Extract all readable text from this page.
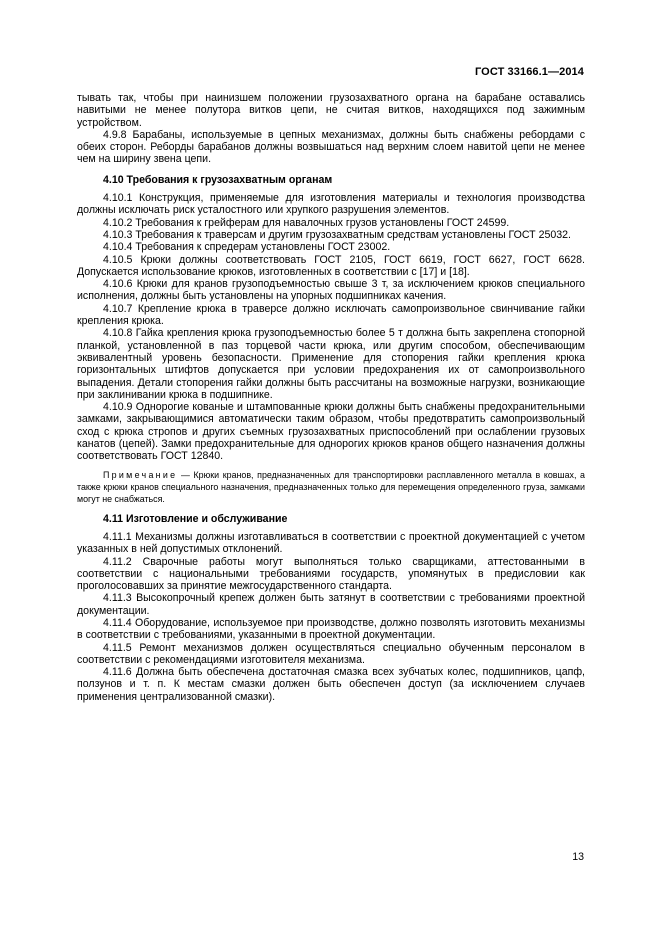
ГОСТ 33166.1—2014

тывать так, чтобы при наинизшем положении грузозахватного органа на барабане оставались навитыми не менее полутора витков цепи, не считая витков, находящихся под зажимным устройством.

4.9.8 Барабаны, используемые в цепных механизмах, должны быть снабжены ребордами с обеих сторон. Реборды барабанов должны возвышаться над верхним слоем навитой цепи не менее чем на ширину звена цепи.

4.10 Требования к грузозахватным органам

4.10.1 Конструкция, применяемые для изготовления материалы и технология производства должны исключать риск усталостного или хрупкого разрушения элементов.

4.10.2 Требования к грейферам для навалочных грузов установлены ГОСТ 24599.

4.10.3 Требования к траверсам и другим грузозахватным средствам установлены ГОСТ 25032.

4.10.4 Требования к спредерам установлены ГОСТ 23002.

4.10.5 Крюки должны соответствовать ГОСТ 2105, ГОСТ 6619, ГОСТ 6627, ГОСТ 6628. Допускается использование крюков, изготовленных в соответствии с [17] и [18].

4.10.6 Крюки для кранов грузоподъемностью свыше 3 т, за исключением крюков специального исполнения, должны быть установлены на упорных подшипниках качения.

4.10.7 Крепление крюка в траверсе должно исключать самопроизвольное свинчивание гайки крепления крюка.

4.10.8 Гайка крепления крюка грузоподъемностью более 5 т должна быть закреплена стопорной планкой, установленной в паз торцевой части крюка, или другим способом, обеспечивающим эквивалентный уровень безопасности. Применение для стопорения гайки крепления крюка горизонтальных штифтов допускается при условии предохранения их от самопроизвольного выпадения. Детали стопорения гайки должны быть рассчитаны на возможные нагрузки, возникающие при заклинивании крюка в подшипнике.

4.10.9 Однорогие кованые и штампованные крюки должны быть снабжены предохранительными замками, закрывающимися автоматически таким образом, чтобы предотвратить самопроизвольный сход с крюка стропов и других съемных грузозахватных приспособлений при ослаблении грузовых канатов (цепей). Замки предохранительные для однорогих крюков кранов общего назначения должны соответствовать ГОСТ 12840.

Примечание — Крюки кранов, предназначенных для транспортировки расплавленного металла в ковшах, а также крюки кранов специального назначения, предназначенных только для перемещения определенного груза, замками могут не снабжаться.

4.11 Изготовление и обслуживание

4.11.1 Механизмы должны изготавливаться в соответствии с проектной документацией с учетом указанных в ней допустимых отклонений.

4.11.2 Сварочные работы могут выполняться только сварщиками, аттестованными в соответствии с национальными требованиями государств, упомянутых в предисловии как проголосовавших за принятие межгосударственного стандарта.

4.11.3 Высокопрочный крепеж должен быть затянут в соответствии с требованиями проектной документации.

4.11.4 Оборудование, используемое при производстве, должно позволять изготовить механизмы в соответствии с требованиями, указанными в проектной документации.

4.11.5 Ремонт механизмов должен осуществляться специально обученным персоналом в соответствии с рекомендациями изготовителя механизма.

4.11.6 Должна быть обеспечена достаточная смазка всех зубчатых колес, подшипников, цапф, ползунов и т. п. К местам смазки должен быть обеспечен доступ (за исключением случаев применения централизованной смазки).

13
